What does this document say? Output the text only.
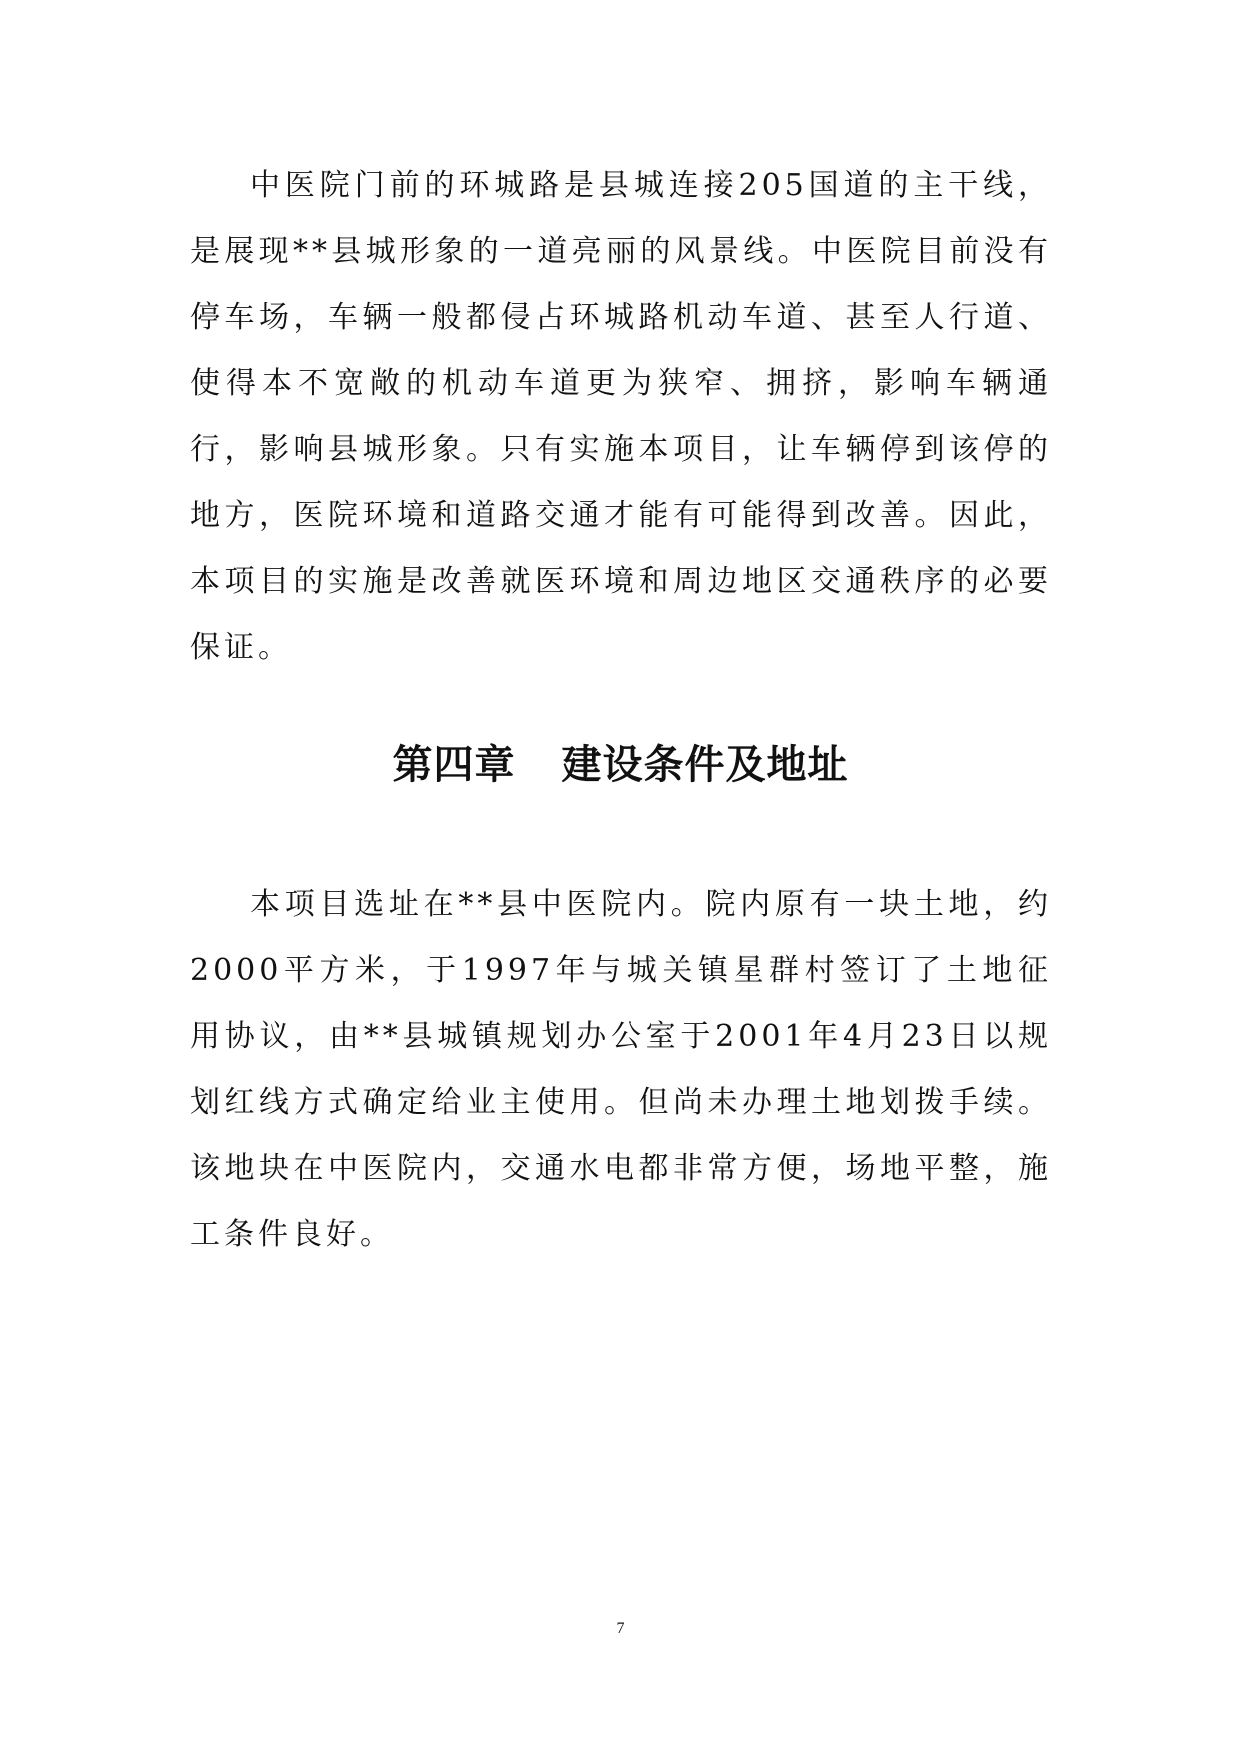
中医院门前的环城路是县城连接205国道的主干线，是展现**县城形象的一道亮丽的风景线。中医院目前没有停车场，车辆一般都侵占环城路机动车道、甚至人行道、使得本不宽敞的机动车道更为狭窄、拥挤，影响车辆通行，影响县城形象。只有实施本项目，让车辆停到该停的地方，医院环境和道路交通才能有可能得到改善。因此，本项目的实施是改善就医环境和周边地区交通秩序的必要保证。

第四章 建设条件及地址

本项目选址在**县中医院内。院内原有一块土地，约2000平方米，于1997年与城关镇星群村签订了土地征用协议，由**县城镇规划办公室于2001年4月23日以规划红线方式确定给业主使用。但尚未办理土地划拨手续。该地块在中医院内，交通水电都非常方便，场地平整，施工条件良好。

7
